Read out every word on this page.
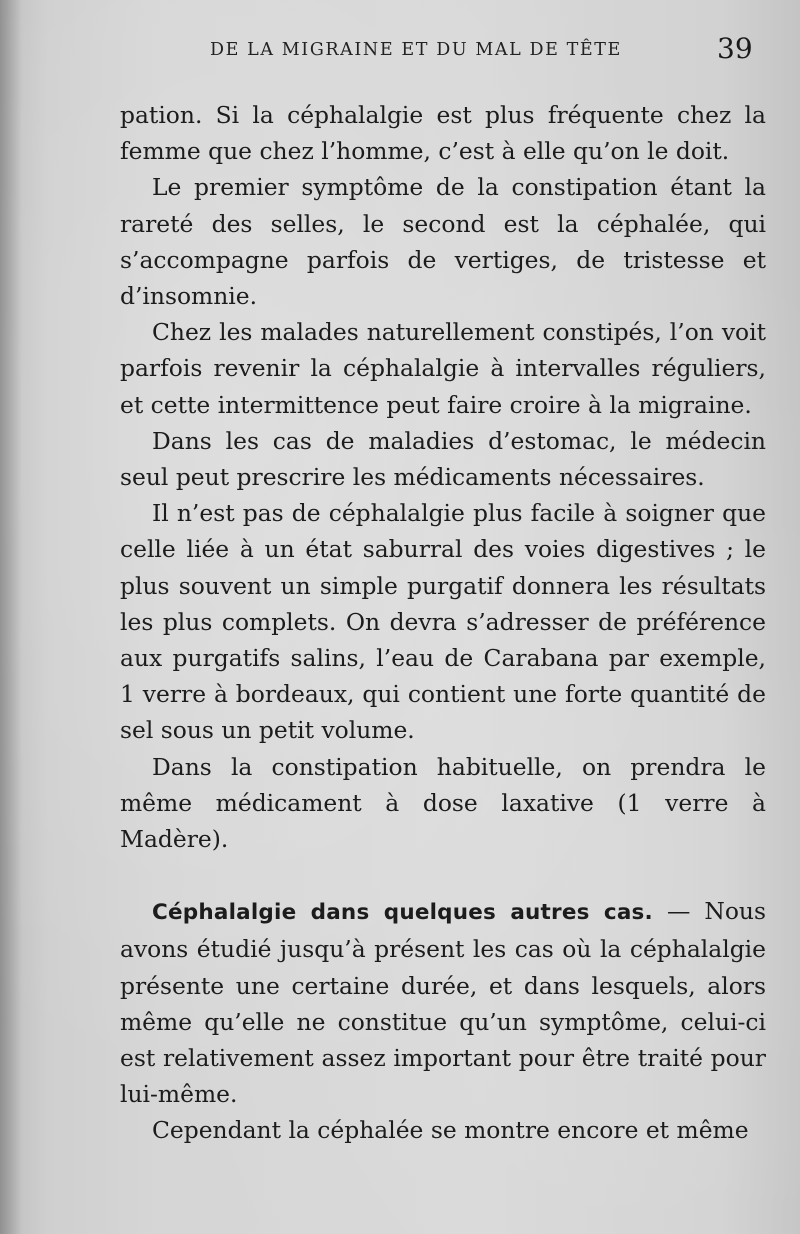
DE LA MIGRAINE ET DU MAL DE TÊTE	39

pation. Si la céphalalgie est plus fréquente chez la femme que chez l’homme, c’est à elle qu’on le doit.

Le premier symptôme de la constipation étant la rareté des selles, le second est la céphalée, qui s’accompagne parfois de vertiges, de tristesse et d’insomnie.

Chez les malades naturellement constipés, l’on voit parfois revenir la céphalalgie à intervalles réguliers, et cette intermittence peut faire croire à la migraine.

Dans les cas de maladies d’estomac, le médecin seul peut prescrire les médicaments nécessaires.

Il n’est pas de céphalalgie plus facile à soigner que celle liée à un état saburral des voies digestives ; le plus souvent un simple purgatif donnera les résultats les plus complets. On devra s’adresser de préférence aux purgatifs salins, l’eau de Carabana par exemple, 1 verre à bordeaux, qui contient une forte quantité de sel sous un petit volume.

Dans la constipation habituelle, on prendra le même médicament à dose laxative (1 verre à Madère).

Céphalalgie dans quelques autres cas. — Nous avons étudié jusqu’à présent les cas où la céphalalgie présente une certaine durée, et dans lesquels, alors même qu’elle ne constitue qu’un symptôme, celui-ci est relativement assez important pour être traité pour lui-même.

Cependant la céphalée se montre encore et même
